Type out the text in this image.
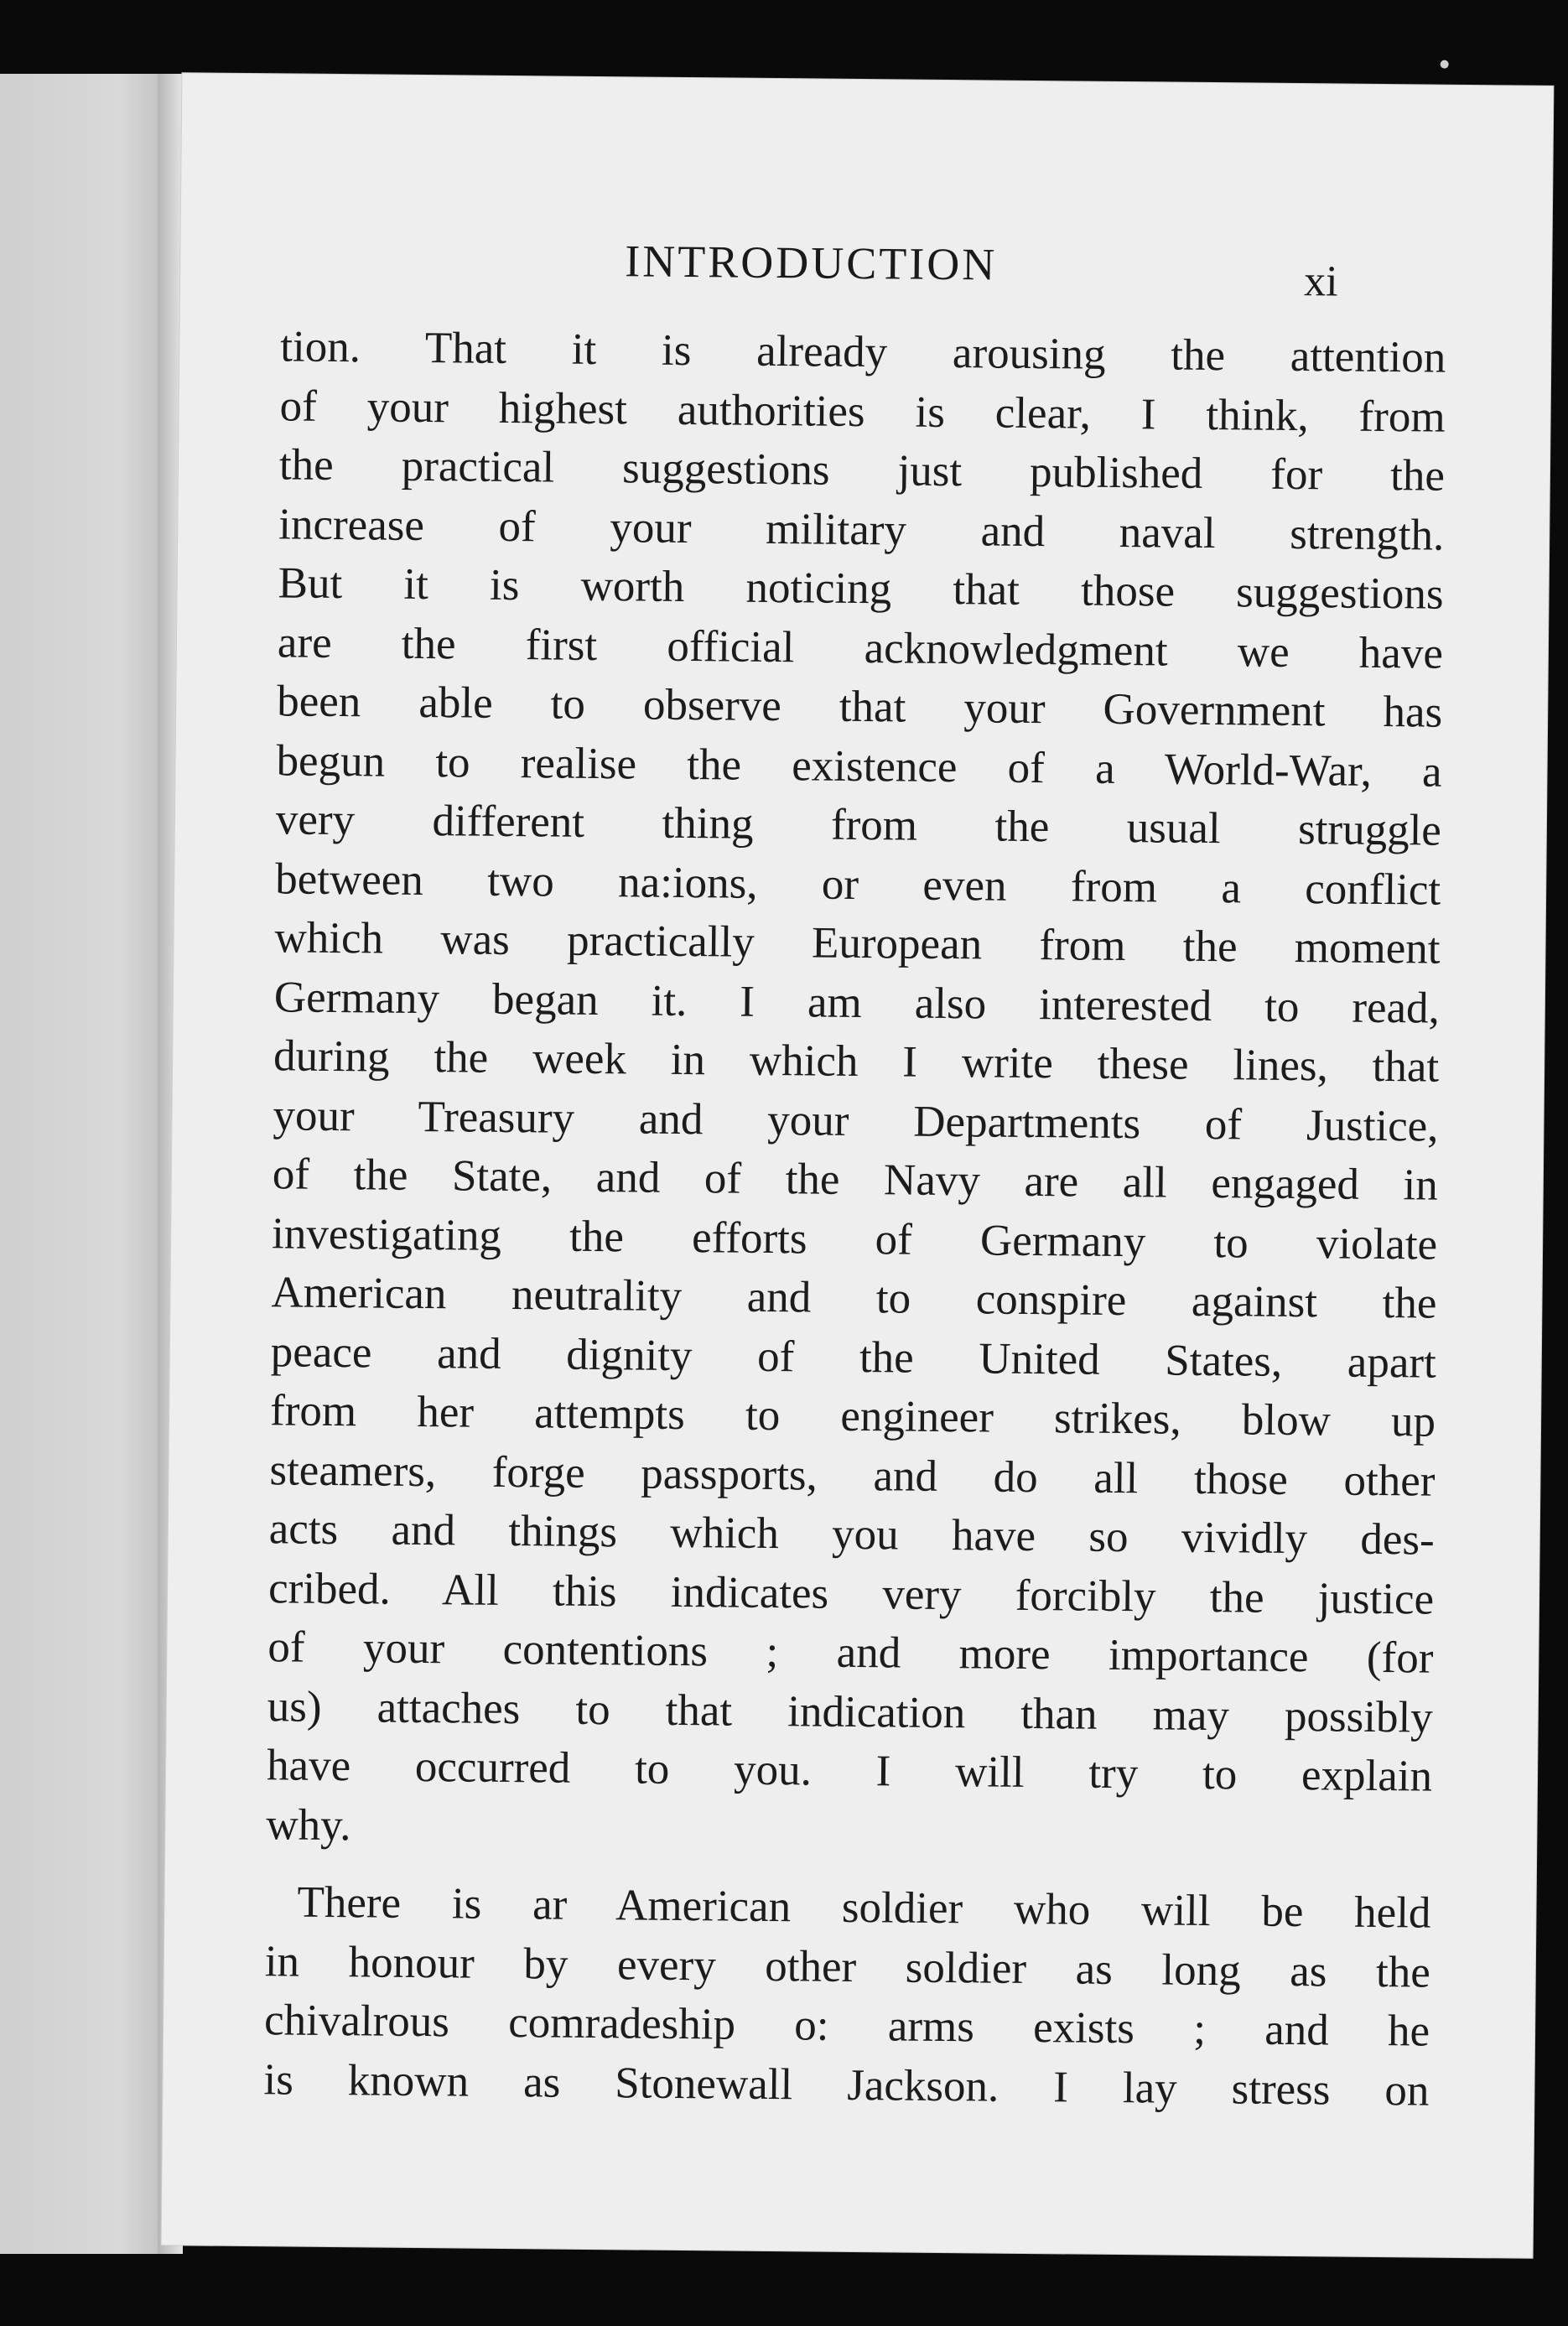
INTRODUCTION	xi
tion. That it is already arousing the attention
of your highest authorities is clear, I think, from
the practical suggestions just published for the
increase of your military and naval strength.
But it is worth noticing that those suggestions
are the first official acknowledgment we have
been able to observe that your Government has
begun to realise the existence of a World-War, a
very different thing from the usual struggle
between two na:ions, or even from a conflict
which was practically European from the moment
Germany began it. I am also interested to read,
during the week in which I write these lines, that
your Treasury and your Departments of Justice,
of the State, and of the Navy are all engaged in
investigating the efforts of Germany to violate
American neutrality and to conspire against the
peace and dignity of the United States, apart
from her attempts to engineer strikes, blow up
steamers, forge passports, and do all those other
acts and things which you have so vividly des-
cribed. All this indicates very forcibly the justice
of your contentions ; and more importance (for
us) attaches to that indication than may possibly
have occurred to you. I will try to explain
why.
There is ar American soldier who will be held
in honour by every other soldier as long as the
chivalrous comradeship o: arms exists ; and he
is known as Stonewall Jackson. I lay stress on
